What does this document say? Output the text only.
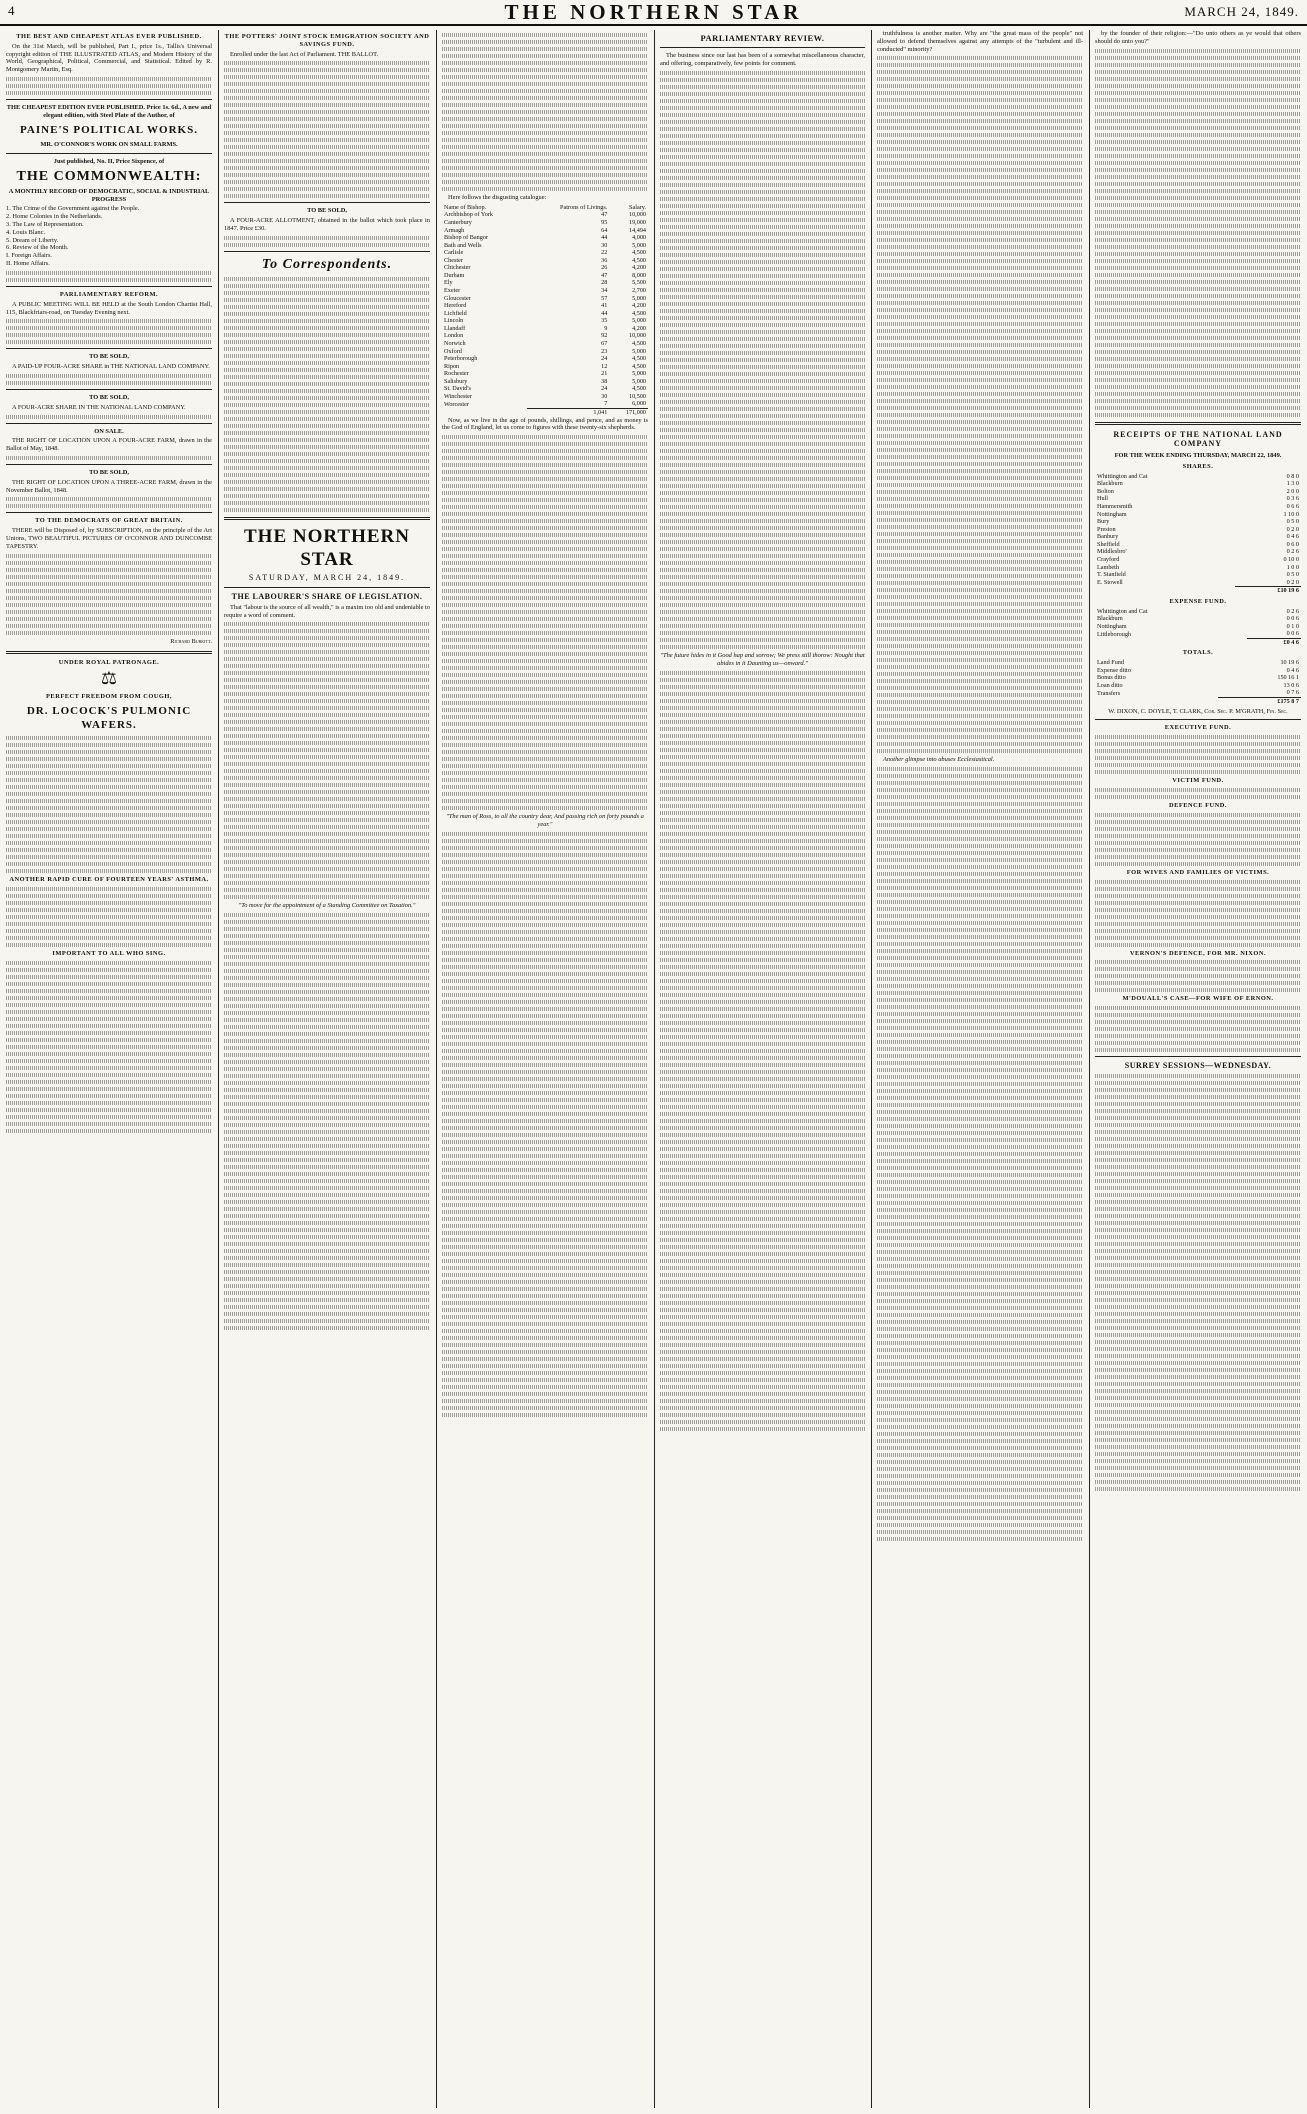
4	THE NORTHERN STAR	MARCH 24, 1849.
THE BEST AND CHEAPEST ATLAS EVER PUBLISHED.

On the 31st March, will be published, Part I., price 1s., Tallis's Universal copyright edition of THE ILLUSTRATED ATLAS, and Modern History of the World, Geographical, Political, Commercial, and Statistical. Edited by R. Montgomery Martin, Esq.

THE CHEAPEST EDITION EVER PUBLISHED. Price 1s. 6d., A new and elegant edition, with Steel Plate of the Author, of
PAINE'S POLITICAL WORKS.
MR. O'CONNOR'S WORK ON SMALL FARMS.
Just published, No. II, Price Sixpence, of
THE COMMONWEALTH:
A MONTHLY RECORD OF DEMOCRATIC, SOCIAL & INDUSTRIAL PROGRESS
1. The Crime of the Government against the People.
2. Home Colonies in the Netherlands.
3. The Law of Representation.
4. Louis Blanc.
5. Dream of Liberty.
6. Review of the Month.
I. Foreign Affairs.
II. Home Affairs.
PARLIAMENTARY REFORM.

A PUBLIC MEETING WILL BE HELD at the South London Chartist Hall, 115, Blackfriars-road, on Tuesday Evening next.

TO BE SOLD,

A PAID-UP FOUR-ACRE SHARE in THE NATIONAL LAND COMPANY.

TO BE SOLD,

A FOUR-ACRE SHARE IN THE NATIONAL LAND COMPANY.

ON SALE.

THE RIGHT OF LOCATION UPON A FOUR-ACRE FARM, drawn in the Ballot of May, 1848.

TO BE SOLD,

THE RIGHT OF LOCATION UPON A THREE-ACRE FARM, drawn in the November Ballot, 1848.

TO THE DEMOCRATS OF GREAT BRITAIN.

THERE will be Disposed of, by SUBSCRIPTION, on the principle of the Art Unions, TWO BEAUTIFUL PICTURES OF O'CONNOR AND DUNCOMBE TAPESTRY.

Richard Burkitt.
UNDER ROYAL PATRONAGE.
⚖
PERFECT FREEDOM FROM COUGH,
DR. LOCOCK'S PULMONIC WAFERS.
ANOTHER RAPID CURE OF FOURTEEN YEARS' ASTHMA.
IMPORTANT TO ALL WHO SING.
THE POTTERS' JOINT STOCK EMIGRATION SOCIETY AND SAVINGS FUND.

Enrolled under the last Act of Parliament. THE BALLOT.

TO BE SOLD,

A FOUR-ACRE ALLOTMENT, obtained in the ballot which took place in 1847. Price £30.

To Correspondents.
THE NORTHERN STAR
SATURDAY, MARCH 24, 1849.
THE LABOURER'S SHARE OF LEGISLATION.

That "labour is the source of all wealth," is a maxim too old and undeniable to require a word of comment.

"To move for the appointment of a Standing Committee on Taxation."

Here follows the disgusting catalogue:

Name of Bishop.	Patrons of Livings.	Salary.
Archbishop of York	47	10,000
Canterbury	95	19,000
Armagh	64	14,494
Bishop of Bangor	44	4,000
Bath and Wells	30	5,000
Carlisle	22	4,500
Chester	36	4,500
Chichester	26	4,200
Durham	47	8,000
Ely	28	5,500
Exeter	34	2,700
Gloucester	57	5,000
Hereford	41	4,200
Lichfield	44	4,500
Lincoln	35	5,000
Llandaff	9	4,200
London	92	10,000
Norwich	67	4,500
Oxford	23	5,000
Peterborough	24	4,500
Ripon	12	4,500
Rochester	21	5,000
Salisbury	38	5,000
St. David's	24	4,500
Winchester	30	10,500
Worcester	7	6,000
	1,041	171,000

Now, as we live in the age of pounds, shillings, and pence, and as money is the God of England, let us come to figures with these twenty-six shepherds.

"The man of Ross, to all the country dear, And passing rich on forty pounds a year."
PARLIAMENTARY REVIEW.

The business since our last has been of a somewhat miscellaneous character, and offering, comparatively, few points for comment.

"The future hides in it Good hap and sorrow; We press still thorow: Nought that abides in it Daunting us—onward."

truthfulness is another matter. Why are "the great mass of the people" not allowed to defend themselves against any attempts of the "turbulent and ill-conducted" minority?

Another glimpse into abuses Ecclesiastical.

by the founder of their religion:—"Do unto others as ye would that others should do unto you?"

RECEIPTS OF THE NATIONAL LAND COMPANY
FOR THE WEEK ENDING THURSDAY, MARCH 22, 1849.
SHARES.
Whittington and Cat	0 8 0
Blackburn	1 3 0
Bolton	2 0 0
Hull	0 3 6
Hammersmith	0 6 6
Nottingham	1 10 0
Bury	0 5 0
Preston	0 2 0
Banbury	0 4 6
Sheffield	0 6 0
Middlesbro'	0 2 6
Crayford	0 10 0
Lambeth	1 0 0
T. Stanfield	0 5 0
E. Stowell	0 2 0
	£10 19 6
EXPENSE FUND.
Whittington and Cat	0 2 6
Blackburn	0 0 6
Nottingham	0 1 0
Littleborough	0 0 6
	£0 4 6
TOTALS.
Land Fund	10 19 6
Expense ditto	0 4 6
Bonus ditto	150 16 1
Loan ditto	13 0 6
Transfers	0 7 6
	£175 8 7
W. DIXON, C. DOYLE, T. CLARK, Cor. Sec. P. M'GRATH, Fin. Sec.
EXECUTIVE FUND.
VICTIM FUND.
DEFENCE FUND.
FOR WIVES AND FAMILIES OF VICTIMS.
VERNON'S DEFENCE, FOR MR. NIXON.
M'DOUALL'S CASE—FOR WIFE OF ERNON.
SURREY SESSIONS—WEDNESDAY.
